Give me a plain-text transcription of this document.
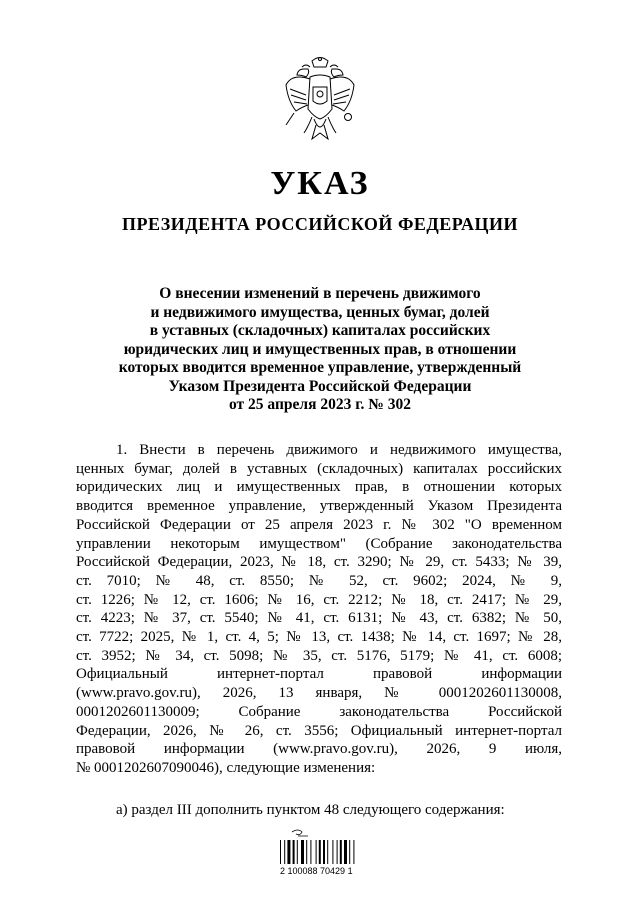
УКАЗ
ПРЕЗИДЕНТА РОССИЙСКОЙ ФЕДЕРАЦИИ
О внесении изменений в перечень движимого
и недвижимого имущества, ценных бумаг, долей
в уставных (складочных) капиталах российских
юридических лиц и имущественных прав, в отношении
которых вводится временное управление, утвержденный
Указом Президента Российской Федерации
от 25 апреля 2023 г. № 302
1. Внести в перечень движимого и недвижимого имущества,
ценных бумаг, долей в уставных (складочных) капиталах российских
юридических лиц и имущественных прав, в отношении которых
вводится временное управление, утвержденный Указом Президента
Российской Федерации от 25 апреля 2023 г. № 302 "О временном
управлении некоторым имуществом" (Собрание законодательства
Российской Федерации, 2023, № 18, ст. 3290; № 29, ст. 5433; № 39,
ст. 7010; № 48, ст. 8550; № 52, ст. 9602; 2024, № 9,
ст. 1226; № 12, ст. 1606; № 16, ст. 2212; № 18, ст. 2417; № 29,
ст. 4223; № 37, ст. 5540; № 41, ст. 6131; № 43, ст. 6382; № 50,
ст. 7722; 2025, № 1, ст. 4, 5; № 13, ст. 1438; № 14, ст. 1697; № 28,
ст. 3952; № 34, ст. 5098; № 35, ст. 5176, 5179; № 41, ст. 6008;
Официальный интернет-портал правовой информации
(www.pravo.gov.ru), 2026, 13 января, № 0001202601130008,
0001202601130009; Собрание законодательства Российской
Федерации, 2026, № 26, ст. 3556; Официальный интернет-портал
правовой информации (www.pravo.gov.ru), 2026, 9 июля,
№ 0001202607090046), следующие изменения:
а) раздел III дополнить пунктом 48 следующего содержания:
2 100088 70429 1
